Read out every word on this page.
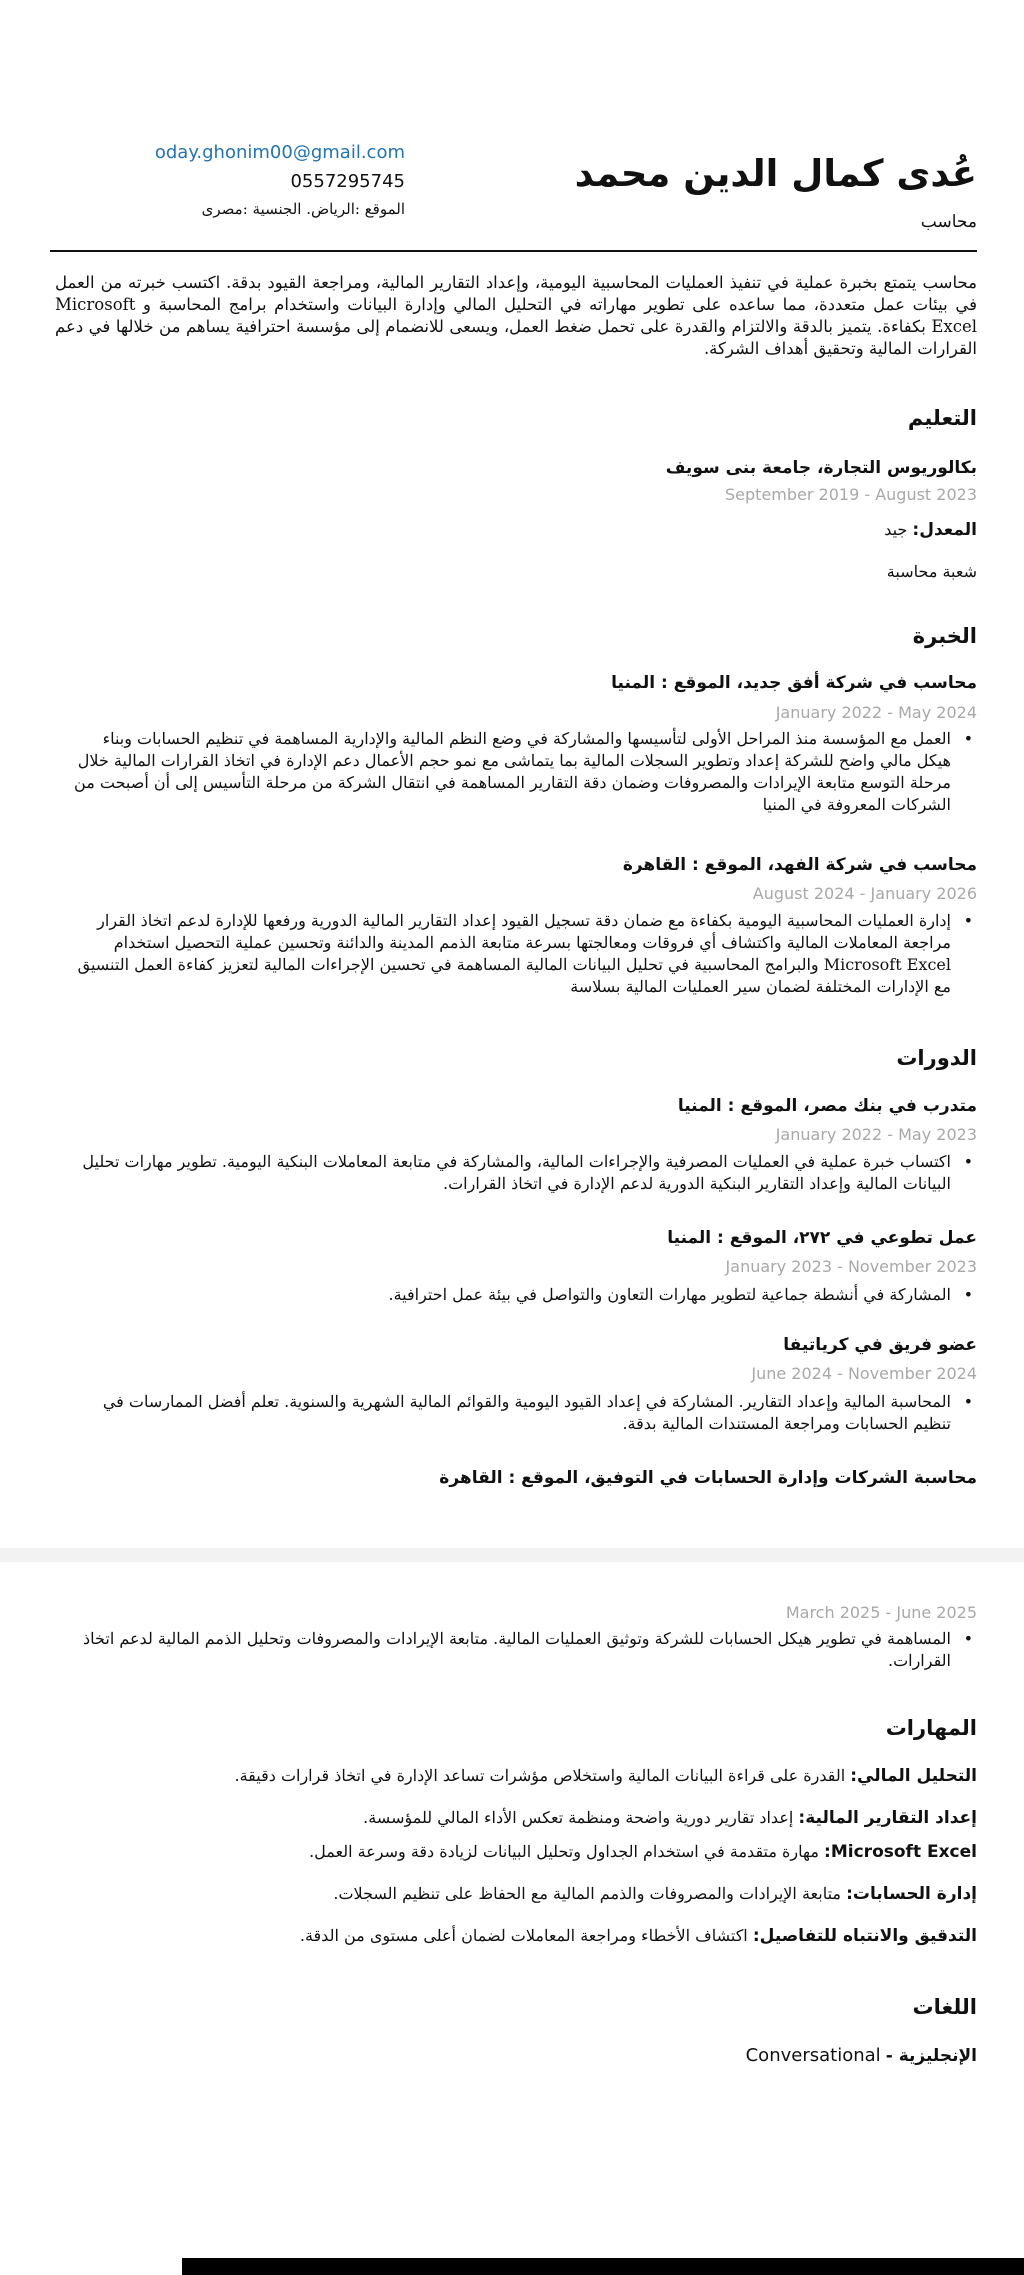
عُدى كمال الدين محمد
محاسب
oday.ghonim00@gmail.com
0557295745
الموقع :الرياض. الجنسية :مصرى
محاسب يتمتع بخبرة عملية في تنفيذ العمليات المحاسبية اليومية، وإعداد التقارير المالية، ومراجعة القيود بدقة. اكتسب خبرته من العمل في بيئات عمل متعددة، مما ساعده على تطوير مهاراته في التحليل المالي وإدارة البيانات واستخدام برامج المحاسبة و Microsoft Excel بكفاءة. يتميز بالدقة والالتزام والقدرة على تحمل ضغط العمل، ويسعى للانضمام إلى مؤسسة احترافية يساهم من خلالها في دعم القرارات المالية وتحقيق أهداف الشركة.
التعليم
بكالوريوس التجارة، جامعة بنى سويف
September 2019 - August 2023
المعدل: جيد
شعبة محاسبة
الخبرة
محاسب في شركة أفق جديد، الموقع : المنيا
January 2022 - May 2024
• العمل مع المؤسسة منذ المراحل الأولى لتأسيسها والمشاركة في وضع النظم المالية والإدارية المساهمة في تنظيم الحسابات وبناء هيكل مالي واضح للشركة إعداد وتطوير السجلات المالية بما يتماشى مع نمو حجم الأعمال دعم الإدارة في اتخاذ القرارات المالية خلال مرحلة التوسع متابعة الإيرادات والمصروفات وضمان دقة التقارير المساهمة في انتقال الشركة من مرحلة التأسيس إلى أن أصبحت من الشركات المعروفة في المنيا
محاسب في شركة الفهد، الموقع : القاهرة
August 2024 - January 2026
• إدارة العمليات المحاسبية اليومية بكفاءة مع ضمان دقة تسجيل القيود إعداد التقارير المالية الدورية ورفعها للإدارة لدعم اتخاذ القرار مراجعة المعاملات المالية واكتشاف أي فروقات ومعالجتها بسرعة متابعة الذمم المدينة والدائنة وتحسين عملية التحصيل استخدام Microsoft Excel والبرامج المحاسبية في تحليل البيانات المالية المساهمة في تحسين الإجراءات المالية لتعزيز كفاءة العمل التنسيق مع الإدارات المختلفة لضمان سير العمليات المالية بسلاسة
الدورات
متدرب في بنك مصر، الموقع : المنيا
January 2022 - May 2023
• اكتساب خبرة عملية في العمليات المصرفية والإجراءات المالية، والمشاركة في متابعة المعاملات البنكية اليومية. تطوير مهارات تحليل البيانات المالية وإعداد التقارير البنكية الدورية لدعم الإدارة في اتخاذ القرارات.
عمل تطوعي في ٢٧٢، الموقع : المنيا
January 2023 - November 2023
• المشاركة في أنشطة جماعية لتطوير مهارات التعاون والتواصل في بيئة عمل احترافية.
عضو فريق في كرياتيفا
June 2024 - November 2024
• المحاسبة المالية وإعداد التقارير. المشاركة في إعداد القيود اليومية والقوائم المالية الشهرية والسنوية. تعلم أفضل الممارسات في تنظيم الحسابات ومراجعة المستندات المالية بدقة.
محاسبة الشركات وإدارة الحسابات في التوفيق، الموقع : القاهرة
March 2025 - June 2025
• المساهمة في تطوير هيكل الحسابات للشركة وتوثيق العمليات المالية. متابعة الإيرادات والمصروفات وتحليل الذمم المالية لدعم اتخاذ القرارات.
المهارات
التحليل المالي: القدرة على قراءة البيانات المالية واستخلاص مؤشرات تساعد الإدارة في اتخاذ قرارات دقيقة.
إعداد التقارير المالية: إعداد تقارير دورية واضحة ومنظمة تعكس الأداء المالي للمؤسسة.
Microsoft Excel: مهارة متقدمة في استخدام الجداول وتحليل البيانات لزيادة دقة وسرعة العمل.
إدارة الحسابات: متابعة الإيرادات والمصروفات والذمم المالية مع الحفاظ على تنظيم السجلات.
التدقيق والانتباه للتفاصيل: اكتشاف الأخطاء ومراجعة المعاملات لضمان أعلى مستوى من الدقة.
اللغات
الإنجليزية - Conversational
